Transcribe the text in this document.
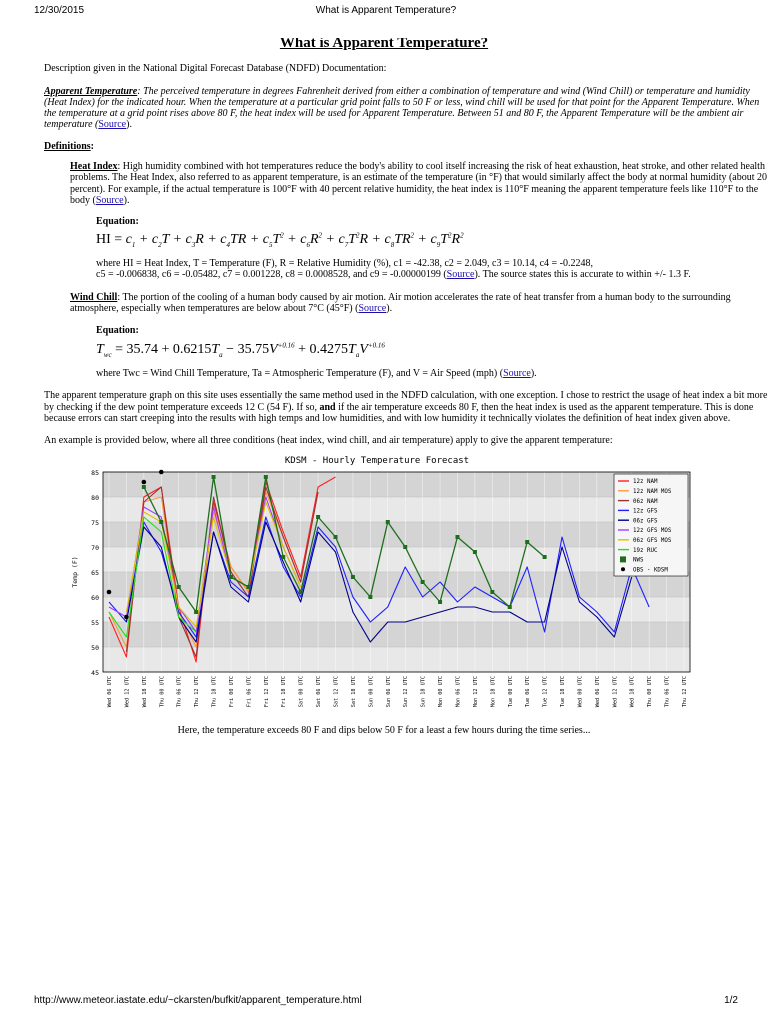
12/30/2015	What is Apparent Temperature?
What is Apparent Temperature?

Description given in the National Digital Forecast Database (NDFD) Documentation:

Apparent Temperature: The perceived temperature in degrees Fahrenheit derived from either a combination of temperature and wind (Wind Chill) or temperature and humidity (Heat Index) for the indicated hour. When the temperature at a particular grid point falls to 50 F or less, wind chill will be used for that point for the Apparent Temperature. When the temperature at a grid point rises above 80 F, the heat index will be used for Apparent Temperature. Between 51 and 80 F, the Apparent Temperature will be the ambient air temperature (Source).

Definitions:

Heat Index: High humidity combined with hot temperatures reduce the body's ability to cool itself increasing the risk of heat exhaustion, heat stroke, and other related health problems. The Heat Index, also referred to as apparent temperature, is an estimate of the temperature (in °F) that would similarly affect the body at normal humidity (about 20 percent). For example, if the actual temperature is 100°F with 40 percent relative humidity, the heat index is 110°F meaning the apparent temperature feels like 110°F to the body (Source).

Equation:

HI = $c_1 + c_2T + c_3R + c_4TR + c_5T^2 + c_6R^2 + c_7T^2R + c_8TR^2 + c_9T^2R^2$

where HI = Heat Index, T = Temperature (F), R = Relative Humidity (%), c1 = -42.38, c2 = 2.049, c3 = 10.14, c4 = -0.2248,

c5 = -0.006838, c6 = -0.05482, c7 = 0.001228, c8 = 0.0008528, and c9 = -0.00000199 (Source). The source states this is accurate to within +/- 1.3 F.

Wind Chill: The portion of the cooling of a human body caused by air motion. Air motion accelerates the rate of heat transfer from a human body to the surrounding atmosphere, especially when temperatures are below about 7°C (45°F) (Source).

Equation:

$T_{wc} = 35.74 + 0.6215T_a - 35.75V^{+0.16} + 0.4275T_aV^{+0.16}$

where Twc = Wind Chill Temperature, Ta = Atmospheric Temperature (F), and V = Air Speed (mph) (Source).

The apparent temperature graph on this site uses essentially the same method used in the NDFD calculation, with one exception. I chose to restrict the usage of heat index a bit more by checking if the dew point temperature exceeds 12 C (54 F). If so, and if the air temperature exceeds 80 F, then the heat index is used as the apparent temperature. This is done because errors can start creeping into the results with high temps and low humidities, and with low humidity it technically violates the definition of heat index given above.

An example is provided below, where all three conditions (heat index, wind chill, and air temperature) apply to give the apparent temperature:

KDSM - Hourly Temperature Forecast
45
50
55
60
65
70
75
80
85
Wed 06 UTC Wed 12 UTC Wed 18 UTC Thu 00 UTC Thu 06 UTC Thu 12 UTC Thu 18 UTC Fri 00 UTC Fri 06 UTC Fri 12 UTC Fri 18 UTC Sat 00 UTC Sat 06 UTC Sat 12 UTC Sat 18 UTC Sun 00 UTC Sun 06 UTC Sun 12 UTC Sun 18 UTC Mon 00 UTC Mon 06 UTC Mon 12 UTC Mon 18 UTC Tue 00 UTC Tue 06 UTC Tue 12 UTC Tue 18 UTC Wed 00 UTC Wed 06 UTC Wed 12 UTC Wed 18 UTC Thu 00 UTC Thu 06 UTC Thu 12 UTC
Temp (F)
12z NAM
12z NAM MOS
06z NAM
12z GFS
06z GFS
12z GFS MOS
06z GFS MOS
19z RUC
NWS
OBS - KDSM
Here, the temperature exceeds 80 F and dips below 50 F for a least a few hours during the time series...
http://www.meteor.iastate.edu/~ckarsten/bufkit/apparent_temperature.html	1/2
